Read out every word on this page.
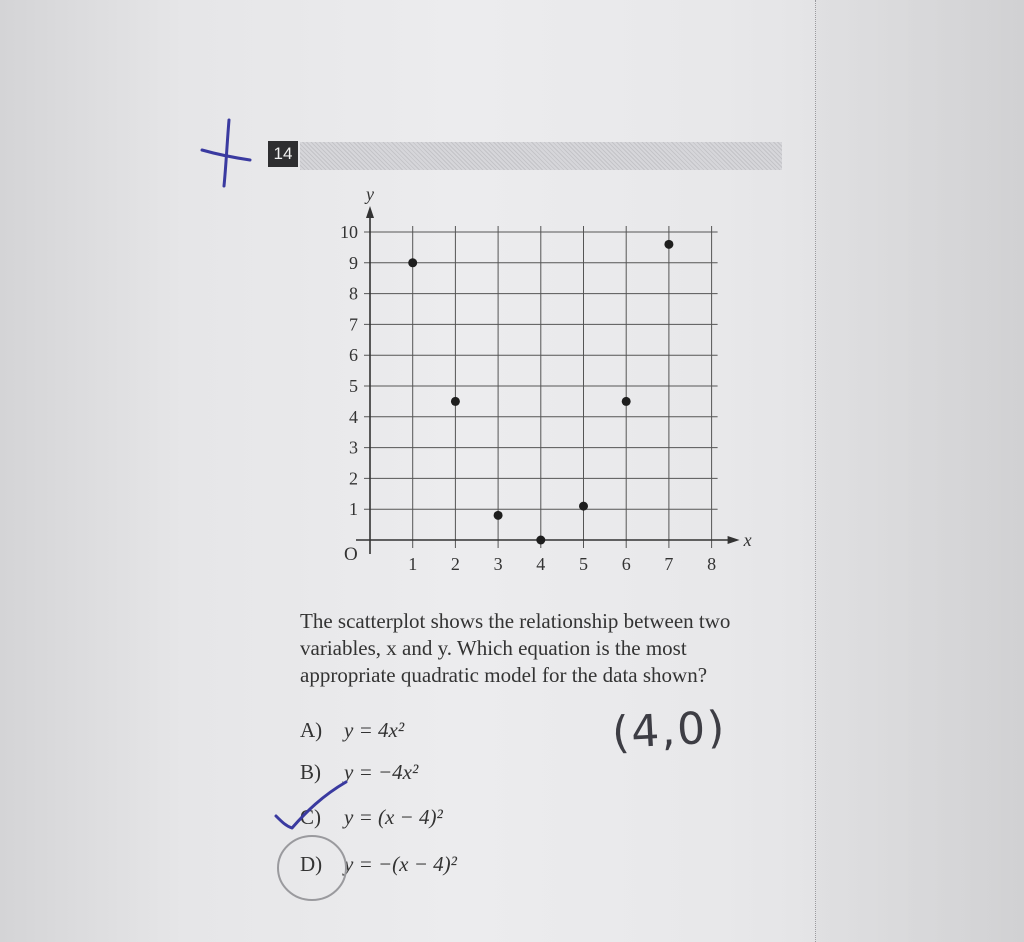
14
y
x
O	1 2 3 4 5 6 7 8
1
2
3
4
5
6
7
8
9
10
The scatterplot shows the relationship between two variables, x and y. Which equation is the most appropriate quadratic model for the data shown?
A) y = 4x²
B) y = −4x²
C) y = (x − 4)²
D) y = −(x − 4)²
(4,0)
